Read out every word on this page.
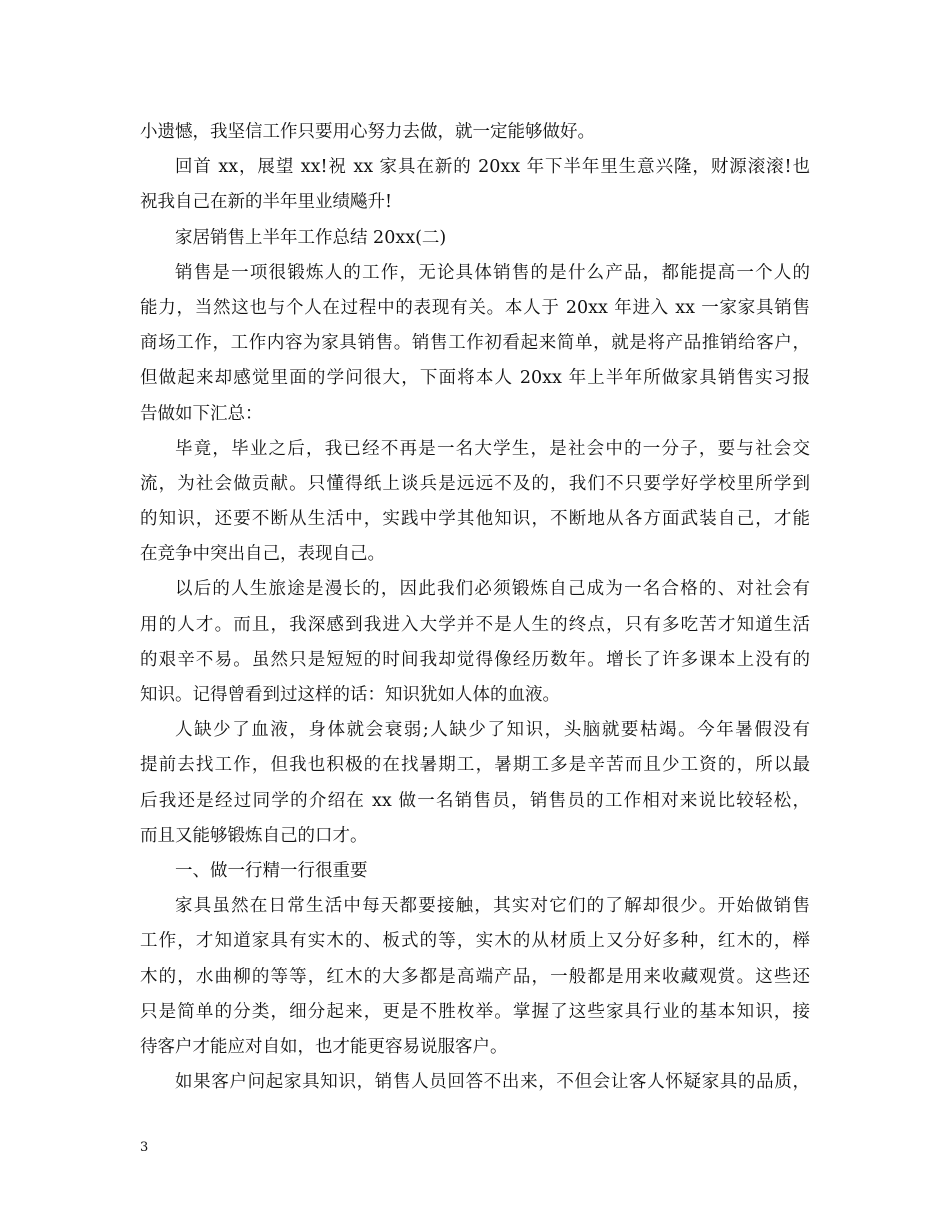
小遗憾，我坚信工作只要用心努力去做，就一定能够做好。
回首 xx，展望 xx!祝 xx 家具在新的 20xx 年下半年里生意兴隆，财源滚滚!也
祝我自己在新的半年里业绩飚升!
家居销售上半年工作总结 20xx(二)
销售是一项很锻炼人的工作，无论具体销售的是什么产品，都能提高一个人的
能力，当然这也与个人在过程中的表现有关。本人于 20xx 年进入 xx 一家家具销售
商场工作，工作内容为家具销售。销售工作初看起来简单，就是将产品推销给客户，
但做起来却感觉里面的学问很大，下面将本人 20xx 年上半年所做家具销售实习报
告做如下汇总：
毕竟，毕业之后，我已经不再是一名大学生，是社会中的一分子，要与社会交
流，为社会做贡献。只懂得纸上谈兵是远远不及的，我们不只要学好学校里所学到
的知识，还要不断从生活中，实践中学其他知识，不断地从各方面武装自己，才能
在竞争中突出自己，表现自己。
以后的人生旅途是漫长的，因此我们必须锻炼自己成为一名合格的、对社会有
用的人才。而且，我深感到我进入大学并不是人生的终点，只有多吃苦才知道生活
的艰辛不易。虽然只是短短的时间我却觉得像经历数年。增长了许多课本上没有的
知识。记得曾看到过这样的话：知识犹如人体的血液。
人缺少了血液，身体就会衰弱;人缺少了知识，头脑就要枯竭。今年暑假没有
提前去找工作，但我也积极的在找暑期工，暑期工多是辛苦而且少工资的，所以最
后我还是经过同学的介绍在 xx 做一名销售员，销售员的工作相对来说比较轻松，
而且又能够锻炼自己的口才。
一、做一行精一行很重要
家具虽然在日常生活中每天都要接触，其实对它们的了解却很少。开始做销售
工作，才知道家具有实木的、板式的等，实木的从材质上又分好多种，红木的，榉
木的，水曲柳的等等，红木的大多都是高端产品，一般都是用来收藏观赏。这些还
只是简单的分类，细分起来，更是不胜枚举。掌握了这些家具行业的基本知识，接
待客户才能应对自如，也才能更容易说服客户。
如果客户问起家具知识，销售人员回答不出来，不但会让客人怀疑家具的品质，
3
